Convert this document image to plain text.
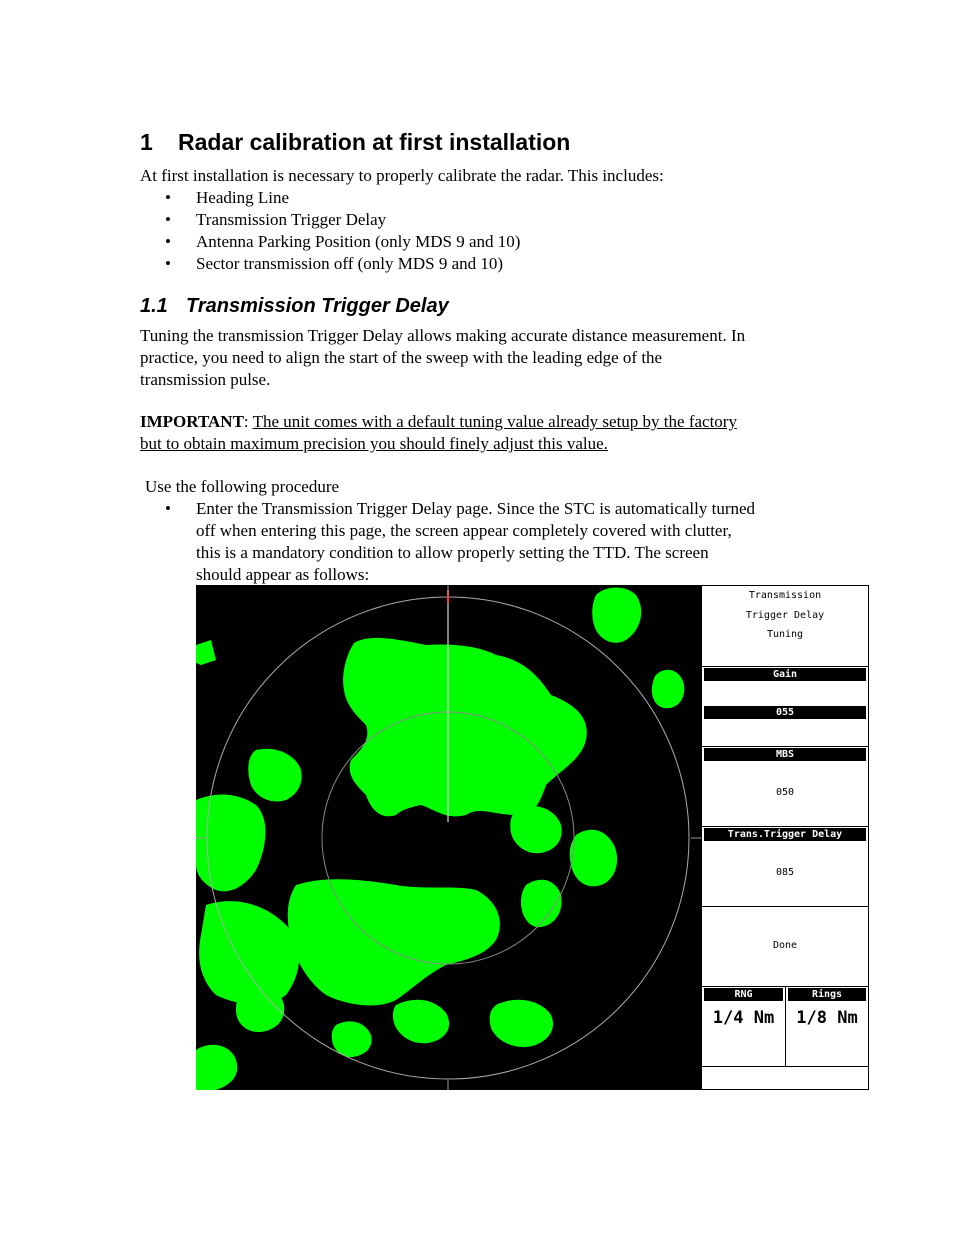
1 Radar calibration at first installation

At first installation is necessary to properly calibrate the radar. This includes:

• Heading Line
• Transmission Trigger Delay
• Antenna Parking Position (only MDS 9 and 10)
• Sector transmission off (only MDS 9 and 10)
1.1 Transmission Trigger Delay

Tuning the transmission Trigger Delay allows making accurate distance measurement. In
practice, you need to align the start of the sweep with the leading edge of the
transmission pulse.

IMPORTANT: The unit comes with a default tuning value already setup by the factory
but to obtain maximum precision you should finely adjust this value.

Use the following procedure

• Enter the Transmission Trigger Delay page. Since the STC is automatically turned
off when entering this page, the screen appear completely covered with clutter,
this is a mandatory condition to allow properly setting the TTD. The screen
should appear as follows:
Transmission
Trigger Delay
Tuning
Gain
055
MBS
050
Trans.Trigger Delay
085
Done
RNG
1/4 Nm
Rings
1/8 Nm
